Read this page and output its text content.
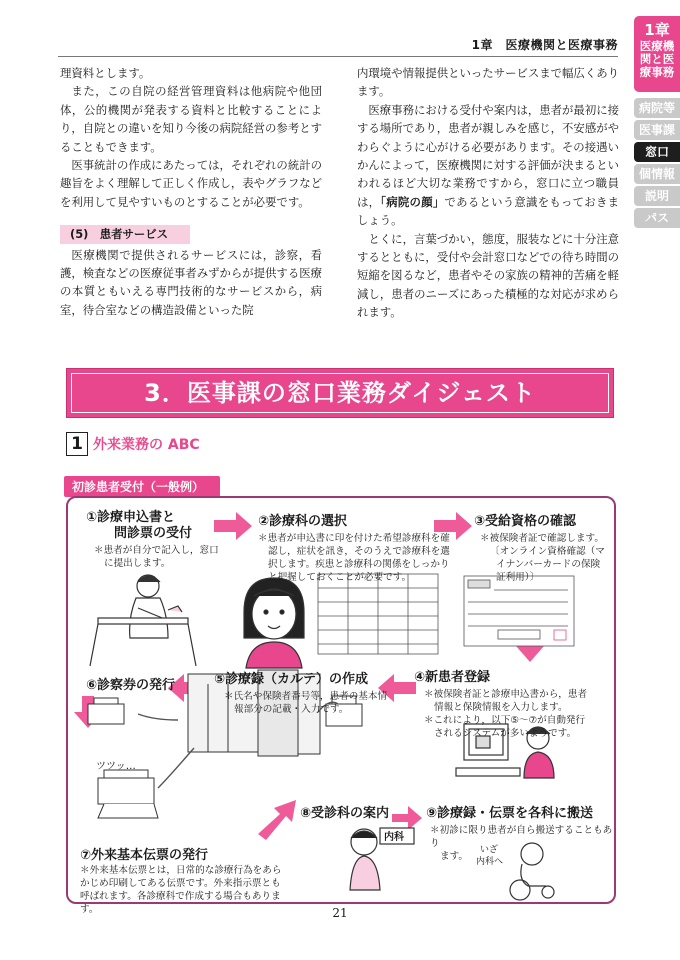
1章　医療機関と医療事務
1章
医療機関と医療事務
病院等
医事課
窓口
個情報
説明
パス

理資料とします。

また，この自院の経営管理資料は他病院や他団体，公的機関が発表する資料と比較することにより，自院との違いを知り今後の病院経営の参考とすることもできます。

医事統計の作成にあたっては，それぞれの統計の趣旨をよく理解して正しく作成し，表やグラフなどを利用して見やすいものとすることが必要です。

(5)　患者サービス

医療機関で提供されるサービスには，診察，看護，検査などの医療従事者みずからが提供する医療の本質ともいえる専門技術的なサービスから，病室，待合室などの構造設備といった院

内環境や情報提供といったサービスまで幅広くあります。

医療事務における受付や案内は，患者が最初に接する場所であり，患者が親しみを感じ，不安感がやわらぐように心がける必要があります。その接遇いかんによって，医療機関に対する評価が決まるといわれるほど大切な業務ですから，窓口に立つ職員は，「病院の顔」であるという意識をもっておきましょう。

とくに，言葉づかい，態度，服装などに十分注意するとともに，受付や会計窓口などでの待ち時間の短縮を図るなど，患者やその家族の精神的苦痛を軽減し，患者のニーズにあった積極的な対応が求められます。

3．医事課の窓口業務ダイジェスト
1 外来業務の ABC
初診患者受付（一般例）
①診療申込書と
問診票の受付
＊患者が自分で記入し，窓口
に提出します。
②診療科の選択
＊患者が申込書に印を付けた希望診療科を確
認し，症状を訊き，そのうえで診療科を選
択します。疾患と診療科の関係をしっかり
と把握しておくことが必要です。
③受給資格の確認
＊被保険者証で確認します。
〔オンライン資格確認（マ
イナンバーカードの保険
証利用）〕
④新患者登録
＊被保険者証と診療申込書から，患者
情報と保険情報を入力します。
＊これにより，以下⑤～⑦が自動発行
されるシステムが多いようです。
⑤診療録（カルテ）の作成
＊氏名や保険者番号等，患者の基本情
報部分の記載・入力です。
⑥診察券の発行
ツツッ…
⑦外来基本伝票の発行
＊外来基本伝票とは，日常的な診療行為をあらかじめ印刷してある伝票です。外来指示票とも呼ばれます。各診療科で作成する場合もあります。
⑧受診科の案内
内科
⑨診療録・伝票を各科に搬送
＊初診に限り患者が自ら搬送することもあり
ます。
いざ
内科へ
21
